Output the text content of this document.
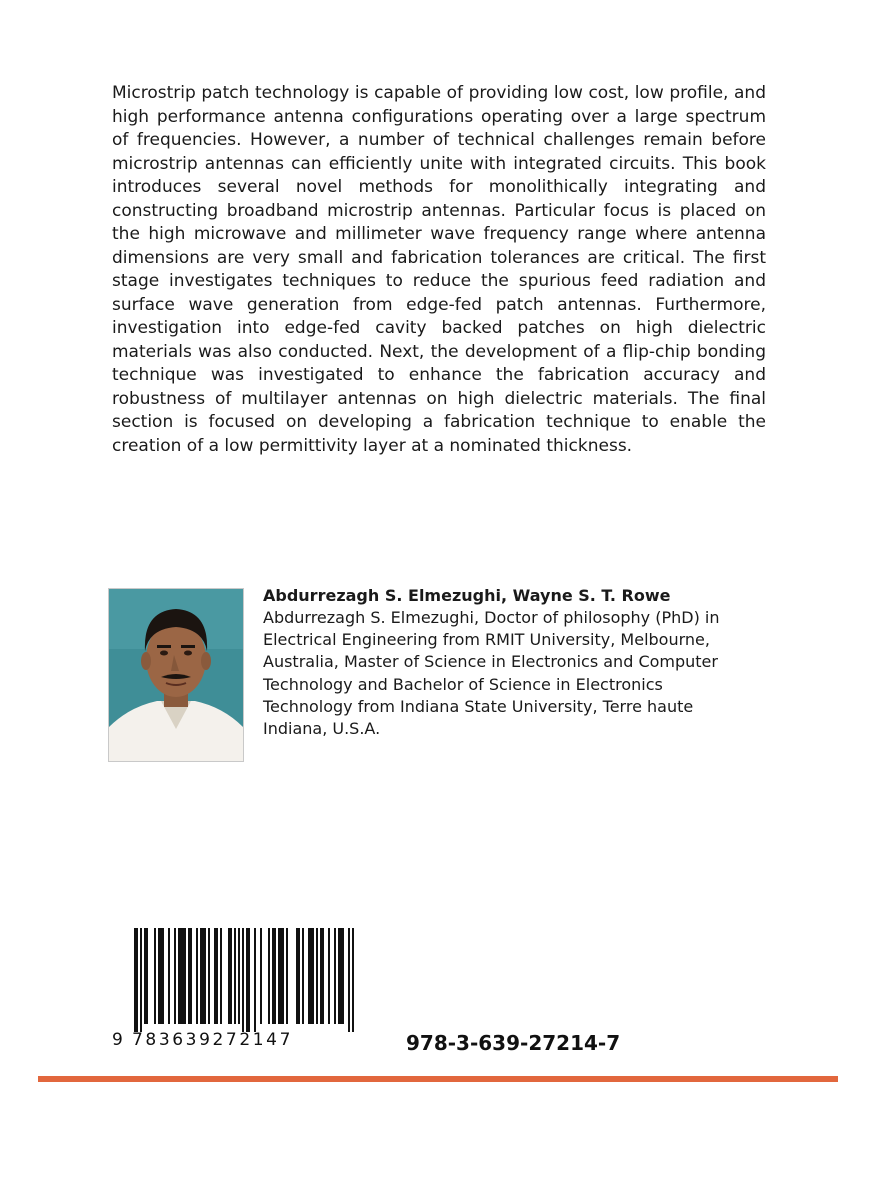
Microstrip patch technology is capable of providing low cost, low profile, and high performance antenna configurations operating over a large spectrum of frequencies. However, a number of technical challenges remain before microstrip antennas can efficiently unite with integrated circuits. This book introduces several novel methods for monolithically integrating and constructing broadband microstrip antennas. Particular focus is placed on the high microwave and millimeter wave frequency range where antenna dimensions are very small and fabrication tolerances are critical. The first stage investigates techniques to reduce the spurious feed radiation and surface wave generation from edge-fed patch antennas. Furthermore, investigation into edge-fed cavity backed patches on high dielectric materials was also conducted. Next, the development of a flip-chip bonding technique was investigated to enhance the fabrication accuracy and robustness of multilayer antennas on high dielectric materials. The final section is focused on developing a fabrication technique to enable the creation of a low permittivity layer at a nominated thickness.

Abdurrezagh S. Elmezughi, Wayne S. T. Rowe

Abdurrezagh S. Elmezughi, Doctor of philosophy (PhD) in Electrical Engineering from RMIT University, Melbourne, Australia, Master of Science in Electronics and Computer Technology and Bachelor of Science in Electronics Technology from Indiana State University, Terre haute Indiana, U.S.A.

9 783639272147	978-3-639-27214-7
